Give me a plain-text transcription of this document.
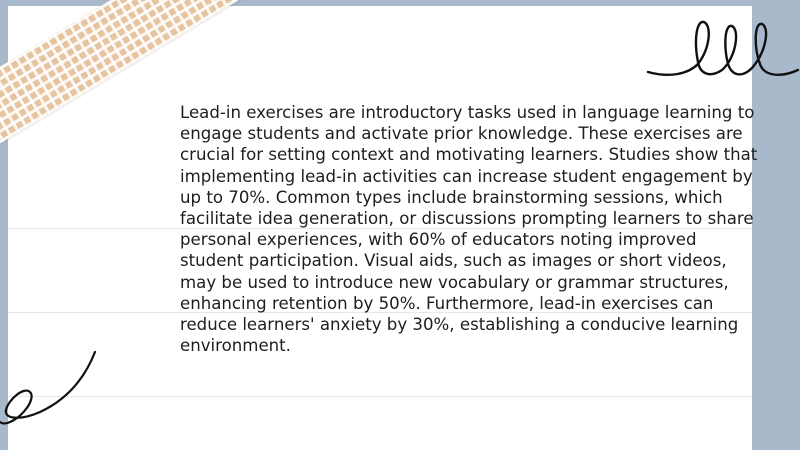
Lead-in exercises are introductory tasks used in language learning to engage students and activate prior knowledge. These exercises are crucial for setting context and motivating learners. Studies show that implementing lead-in activities can increase student engagement by up to 70%. Common types include brainstorming sessions, which facilitate idea generation, or discussions prompting learners to share personal experiences, with 60% of educators noting improved student participation. Visual aids, such as images or short videos, may be used to introduce new vocabulary or grammar structures, enhancing retention by 50%. Furthermore, lead-in exercises can reduce learners' anxiety by 30%, establishing a conducive learning environment.
